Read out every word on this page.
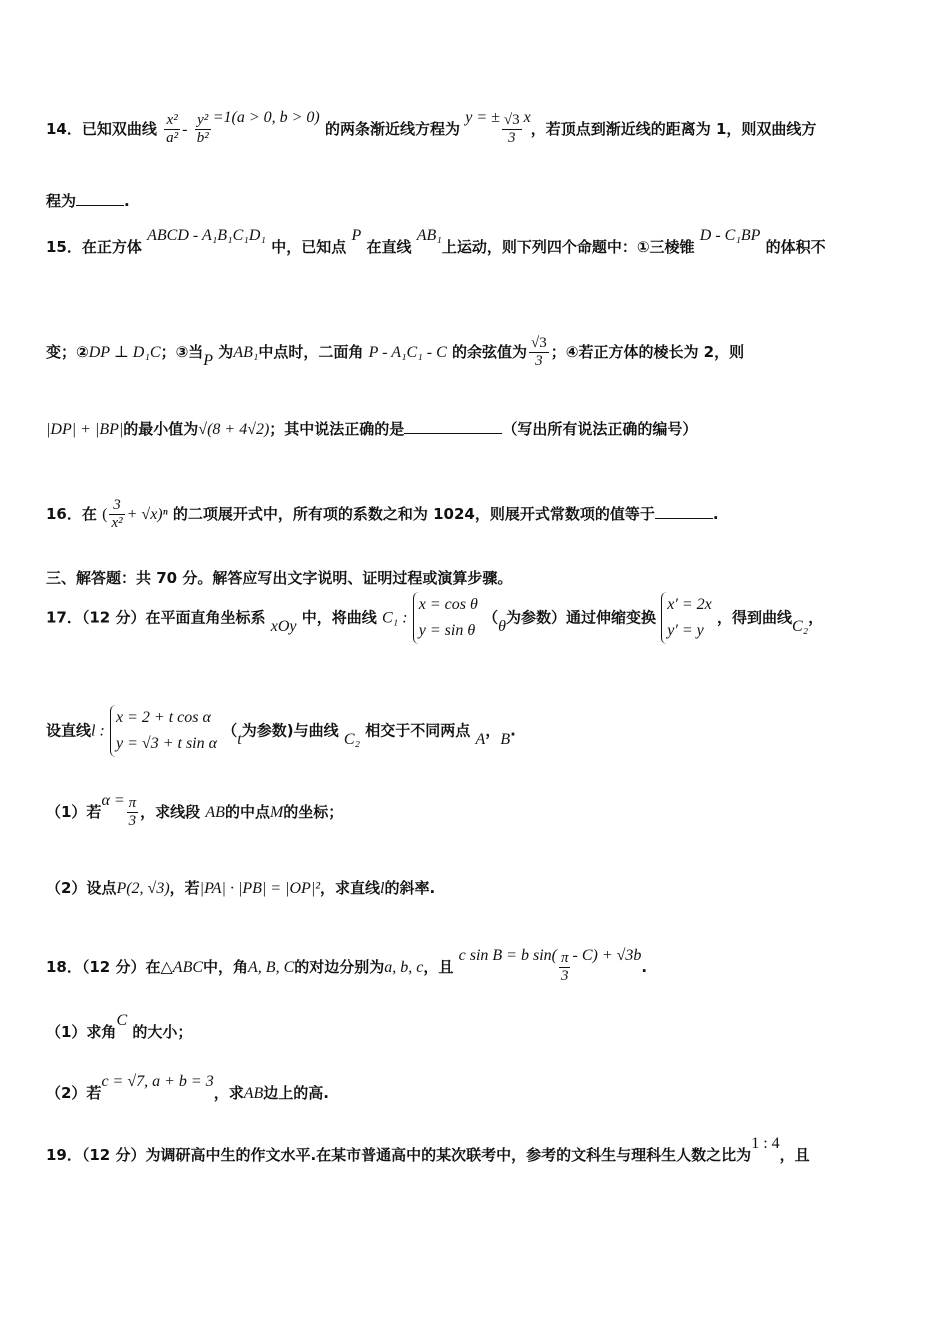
14．已知双曲线 $\frac{\text{x²}}{\text{a²}} - \frac{\text{y²}}{\text{b²}} =1(a > 0$, b > 0) 的两条渐近线方程为 y = ± $\frac{√3}{3}$ x，若顶点到渐近线的距离为 1，则双曲线方
程为	.
15．在正方体 ABCD - A₁B₁C₁D₁ 中，已知点 P 在直线 AB₁上运动，则下列四个命题中：①三棱锥 D - C₁BP 的体积不
变；②DP ⊥ D₁C；③当P 为AB₁中点时，二面角 P - A₁C₁ - C 的余弦值为 $\frac{√3}{3}$ ；④若正方体的棱长为 2，则
|DP| + |BP|的最小值为√(8 + 4√2)；其中说法正确的是	（写出所有说法正确的编号）
16．在 ( $\frac{3}{\text{x²}} + √x)^n$ 的二项展开式中，所有项的系数之和为 1024，则展开式常数项的值等于	.
三、解答题：共 70 分。解答应写出文字说明、证明过程或演算步骤。
17．（12 分）在平面直角坐标系 xOy 中，将曲线 C₁ :
x = cos θ
y = sin θ
（θ为参数）通过伸缩变换
x′ = 2x
y′ = y
，得到曲线C₂，
设直线l :
x = 2 + t cos α
y = √3 + t sin α
（t为参数)与曲线 C₂ 相交于不同两点 A，B.
（1）若$\alpha = \frac{\pi}{3}$ ，求线段 AB的中点M的坐标；
（2）设点P(2, √3)，若|PA| · |PB| = |OP|²，求直线l的斜率.
18．（12 分）在△ABC中，角A, B, C的对边分别为a, b, c，且 c sin B = b $\sin( \frac{\pi}{3} - C) + √3b$.
（1）求角C 的大小；
（2）若c = √7, a + b = 3，求AB边上的高.
19．（12 分）为调研高中生的作文水平.在某市普通高中的某次联考中，参考的文科生与理科生人数之比为1 : 4，且
